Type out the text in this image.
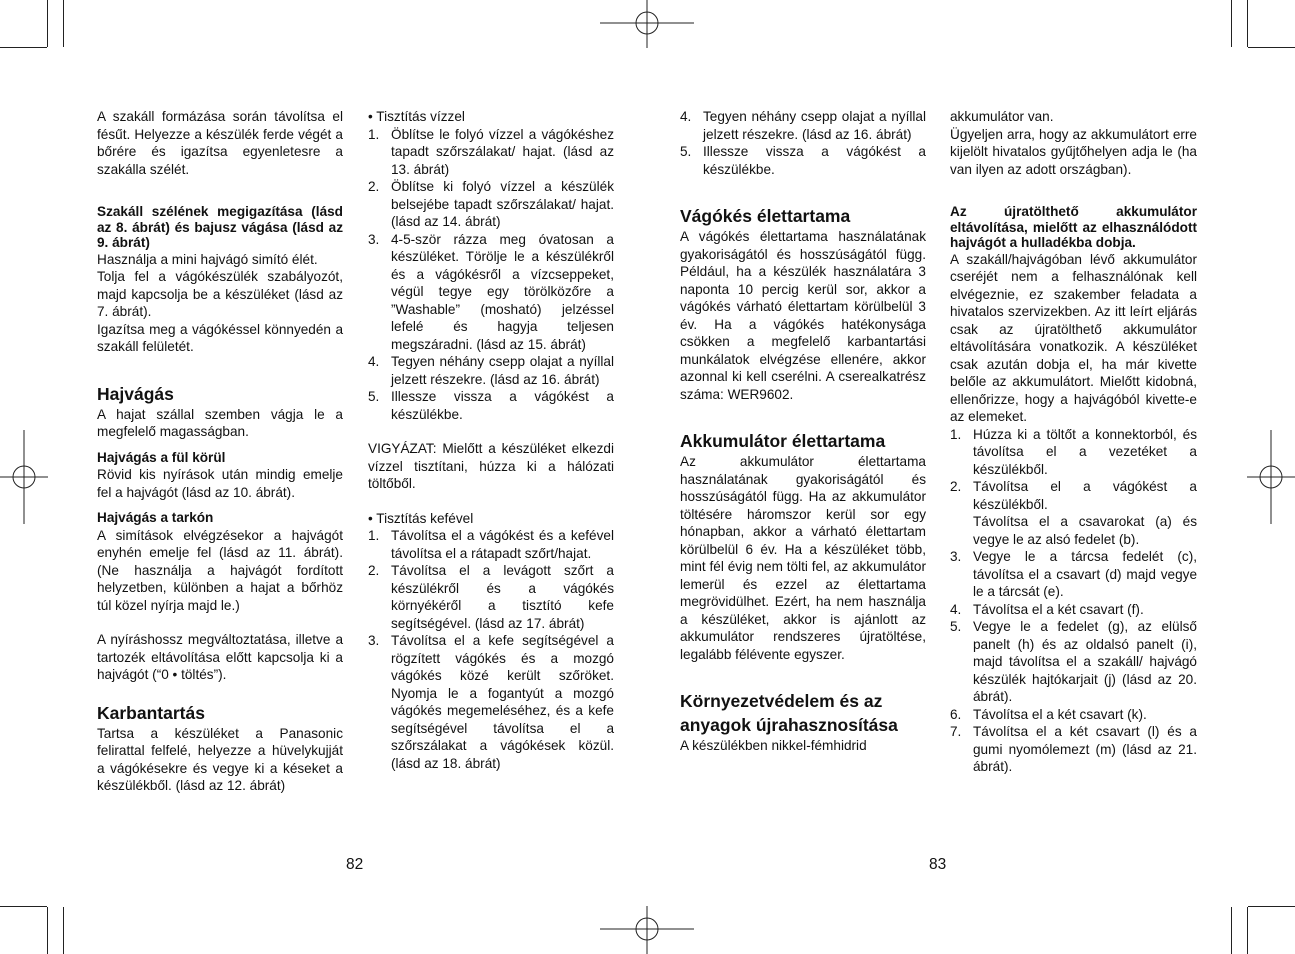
A szakáll formázása során távolítsa el fésűt. Helyezze a készülék ferde végét a bőrére és igazítsa egyenletesre a szakálla szélét.

Szakáll szélének megigazítása (lásd az 8. ábrát) és bajusz vágása (lásd az 9. ábrát)

Használja a mini hajvágó simító élét.

Tolja fel a vágókészülék szabályozót, majd kapcsolja be a készüléket (lásd az 7. ábrát).

Igazítsa meg a vágókéssel könnyedén a szakáll felületét.

Hajvágás

A hajat szállal szemben vágja le a megfelelő magasságban.

Hajvágás a fül körül

Rövid kis nyírások után mindig emelje fel a hajvágót (lásd az 10. ábrát).

Hajvágás a tarkón

A simítások elvégzésekor a hajvágót enyhén emelje fel (lásd az 11. ábrát). (Ne használja a hajvágót fordított helyzetben, különben a hajat a bőrhöz túl közel nyírja majd le.)

A nyíráshossz megváltoztatása, illetve a tartozék eltávolítása előtt kapcsolja ki a hajvágót (“0 • töltés”).

Karbantartás

Tartsa a készüléket a Panasonic felirattal felfelé, helyezze a hüvelykujját a vágókésekre és vegye ki a késeket a készülékből. (lásd az 12. ábrát)

• Tisztítás vízzel

1. Öblítse le folyó vízzel a vágókéshez tapadt szőrszálakat/ hajat. (lásd az 13. ábrát)
2. Öblítse ki folyó vízzel a készülék belsejébe tapadt szőrszálakat/ hajat. (lásd az 14. ábrát)
3. 4-5-ször rázza meg óvatosan a készüléket. Törölje le a készülékről és a vágókésről a vízcseppeket, végül tegye egy törölközőre a ”Washable” (mosható) jelzéssel lefelé és hagyja teljesen megszáradni. (lásd az 15. ábrát)
4. Tegyen néhány csepp olajat a nyíllal jelzett részekre. (lásd az 16. ábrát)
5. Illessze vissza a vágókést a készülékbe.

VIGYÁZAT: Mielőtt a készüléket elkezdi vízzel tisztítani, húzza ki a hálózati töltőből.

• Tisztítás kefével

1. Távolítsa el a vágókést és a kefével távolítsa el a rátapadt szőrt/hajat.
2. Távolítsa el a levágott szőrt a készülékről és a vágókés környékéről a tisztító kefe segítségével. (lásd az 17. ábrát)
3. Távolítsa el a kefe segítségével a rögzített vágókés és a mozgó vágókés közé került szőröket. Nyomja le a fogantyút a mozgó vágókés megemeléséhez, és a kefe segítségével távolítsa el a szőrszálakat a vágókések közül. (lásd az 18. ábrát)
4. Tegyen néhány csepp olajat a nyíllal jelzett részekre. (lásd az 16. ábrát)
5. Illessze vissza a vágókést a készülékbe.

Vágókés élettartama

A vágókés élettartama használatának gyakoriságától és hosszúságától függ. Például, ha a készülék használatára 3 naponta 10 percig kerül sor, akkor a vágókés várható élettartam körülbelül 3 év. Ha a vágókés hatékonysága csökken a megfelelő karbantartási munkálatok elvégzése ellenére, akkor azonnal ki kell cserélni. A cserealkatrész száma: WER9602.

Akkumulátor élettartama

Az akkumulátor élettartama használatának gyakoriságától és hosszúságától függ. Ha az akkumulátor töltésére háromszor kerül sor egy hónapban, akkor a várható élettartam körülbelül 6 év. Ha a készüléket több, mint fél évig nem tölti fel, az akkumulátor lemerül és ezzel az élettartama megrövidülhet. Ezért, ha nem használja a készüléket, akkor is ajánlott az akkumulátor rendszeres újratöltése, legalább félévente egyszer.

Környezetvédelem és az

anyagok újrahasznosítása

A készülékben nikkel-fémhidrid

akkumulátor van.

Ügyeljen arra, hogy az akkumulátort erre kijelölt hivatalos gyűjtőhelyen adja le (ha van ilyen az adott országban).

Az újratölthető akkumulátor eltávolítása, mielőtt az elhasználódott hajvágót a hulladékba dobja.

A szakáll/hajvágóban lévő akkumulátor cseréjét nem a felhasználónak kell elvégeznie, ez szakember feladata a hivatalos szervizekben. Az itt leírt eljárás csak az újratölthető akkumulátor eltávolítására vonatkozik. A készüléket csak azután dobja el, ha már kivette belőle az akkumulátort. Mielőtt kidobná, ellenőrizze, hogy a hajvágóból kivette-e az elemeket.

1. Húzza ki a töltőt a konnektorból, és távolítsa el a vezetéket a készülékből.
2. Távolítsa el a vágókést a készülékből.
Távolítsa el a csavarokat (a) és vegye le az alsó fedelet (b).
3. Vegye le a tárcsa fedelét (c), távolítsa el a csavart (d) majd vegye le a tárcsát (e).
4. Távolítsa el a két csavart (f).
5. Vegye le a fedelet (g), az elülső panelt (h) és az oldalsó panelt (i), majd távolítsa el a szakáll/ hajvágó készülék hajtókarjait (j) (lásd az 20. ábrát).
6. Távolítsa el a két csavart (k).
7. Távolítsa el a két csavart (l) és a gumi nyomólemezt (m) (lásd az 21. ábrát).
82	83
